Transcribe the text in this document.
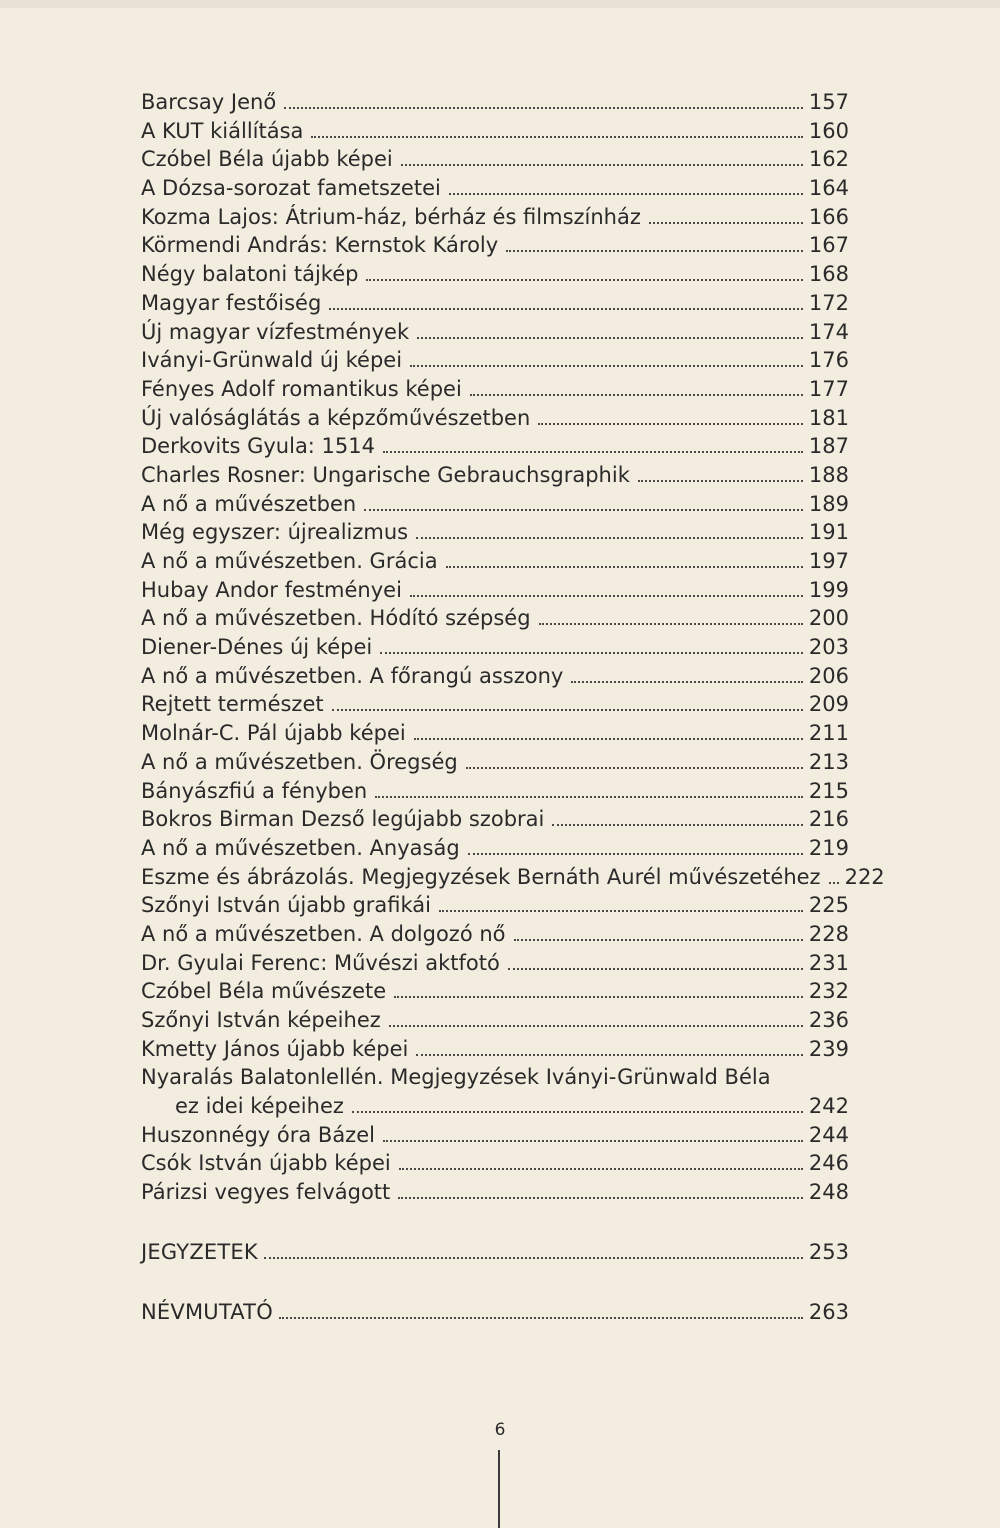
Barcsay Jenő	157
A KUT kiállítása	160
Czóbel Béla újabb képei	162
A Dózsa-sorozat fametszetei	164
Kozma Lajos: Átrium-ház, bérház és filmszínház	166
Körmendi András: Kernstok Károly	167
Négy balatoni tájkép	168
Magyar festőiség	172
Új magyar vízfestmények	174
Iványi-Grünwald új képei	176
Fényes Adolf romantikus képei	177
Új valóságlátás a képzőművészetben	181
Derkovits Gyula: 1514	187
Charles Rosner: Ungarische Gebrauchsgraphik	188
A nő a művészetben	189
Még egyszer: újrealizmus	191
A nő a művészetben. Grácia	197
Hubay Andor festményei	199
A nő a művészetben. Hódító szépség	200
Diener-Dénes új képei	203
A nő a művészetben. A főrangú asszony	206
Rejtett természet	209
Molnár-C. Pál újabb képei	211
A nő a művészetben. Öregség	213
Bányászfiú a fényben	215
Bokros Birman Dezső legújabb szobrai	216
A nő a művészetben. Anyaság	219
Eszme és ábrázolás. Megjegyzések Bernáth Aurél művészetéhez	222
Szőnyi István újabb grafikái	225
A nő a művészetben. A dolgozó nő	228
Dr. Gyulai Ferenc: Művészi aktfotó	231
Czóbel Béla művészete	232
Szőnyi István képeihez	236
Kmetty János újabb képei	239
Nyaralás Balatonlellén. Megjegyzések Iványi-Grünwald Béla
ez idei képeihez	242
Huszonnégy óra Bázel	244
Csók István újabb képei	246
Párizsi vegyes felvágott	248
JEGYZETEK	253
NÉVMUTATÓ	263
6
